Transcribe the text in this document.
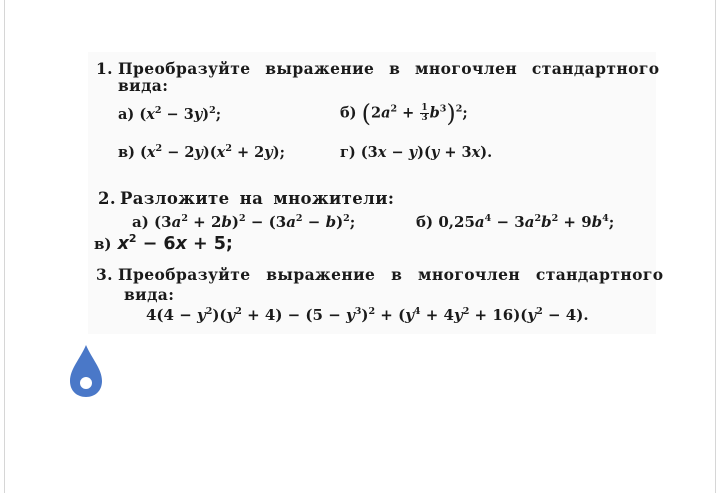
1. Преобразуйте выражение в многочлен стандартного
вида:
а) $(x^2 - 3y)^2$;	б) $(2a^2 + \frac{1}{3} b^3)^2$;
в) $(x^2 - 2y)(x^2 + 2y)$;	г) (3x − y)(y + 3x).
2. Разложите на множители:
а) $(3a^2 + 2b)^2 - (3a^2 - b)^2$;	б) $0,25a^4 - 3a^2b^2 + 9b^4$;
в) $x^2 - 6x + 5$;
3. Преобразуйте выражение в многочлен стандартного
вида:
$4(4 - y^2)(y^2 + 4) - (5 - y^3)^2 + (y^4 + 4y^2 + 16)(y^2 - 4)$.
